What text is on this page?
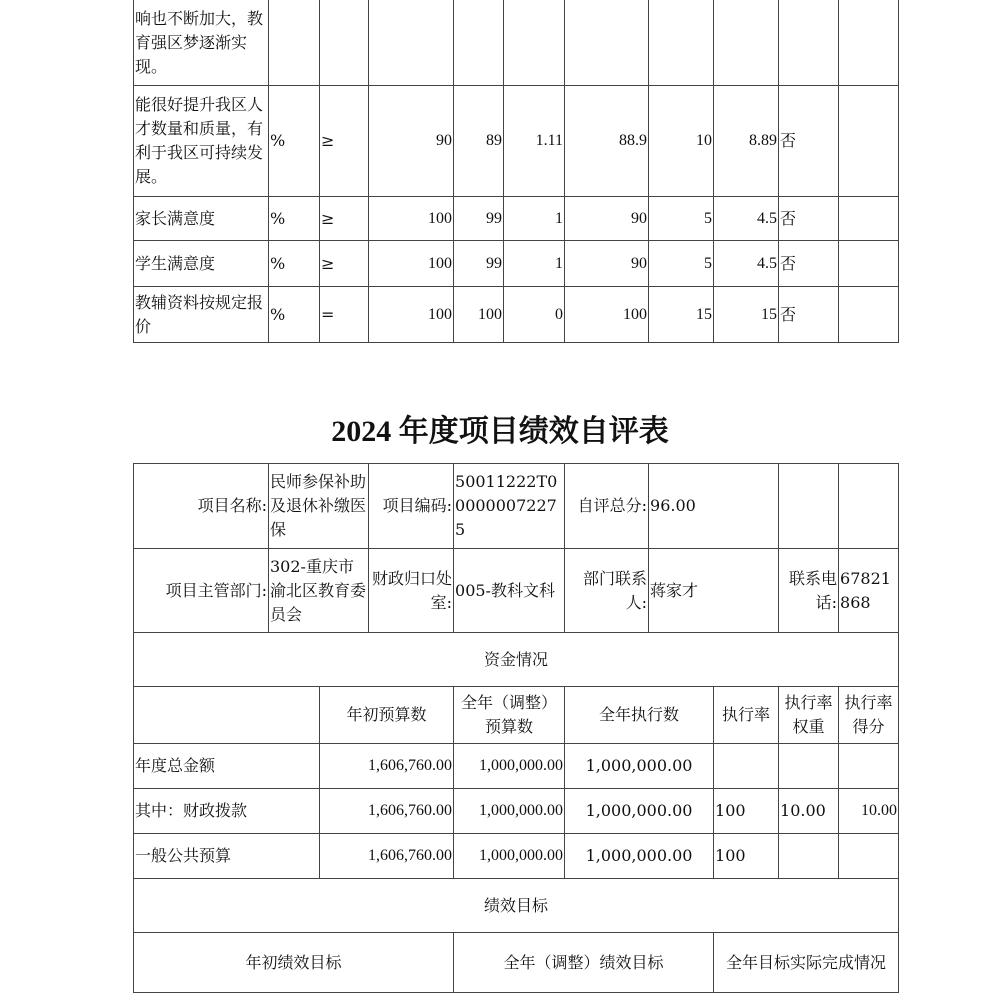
响也不断加大，教育强区梦逐渐实现。										
能很好提升我区人才数量和质量，有利于我区可持续发展。	%	≥	90	89	1.11	88.9	10	8.89	否	
家长满意度	%	≥	100	99	1	90	5	4.5	否	
学生满意度	%	≥	100	99	1	90	5	4.5	否	
教辅资料按规定报价	%	=	100	100	0	100	15	15	否	
2024 年度项目绩效自评表
项目名称:	民师参保补助及退休补缴医保		项目编码:	50011222T000000072275	自评总分:	96.00			
项目主管部门:	302-重庆市渝北区教育委员会		财政归口处室:	005-教科文科	部门联系人:	蒋家才		联系电话:	67821868
资金情况									
		年初预算数		全年（调整）预算数	全年执行数		执行率	执行率权重	执行率得分
年度总金额		1,606,760.00		1,000,000.00	1,000,000.00				
其中：财政拨款		1,606,760.00		1,000,000.00	1,000,000.00		100	10.00	10.00
一般公共预算		1,606,760.00		1,000,000.00	1,000,000.00		100		
绩效目标									
年初绩效目标				全年（调整）绩效目标			全年目标实际完成情况		
